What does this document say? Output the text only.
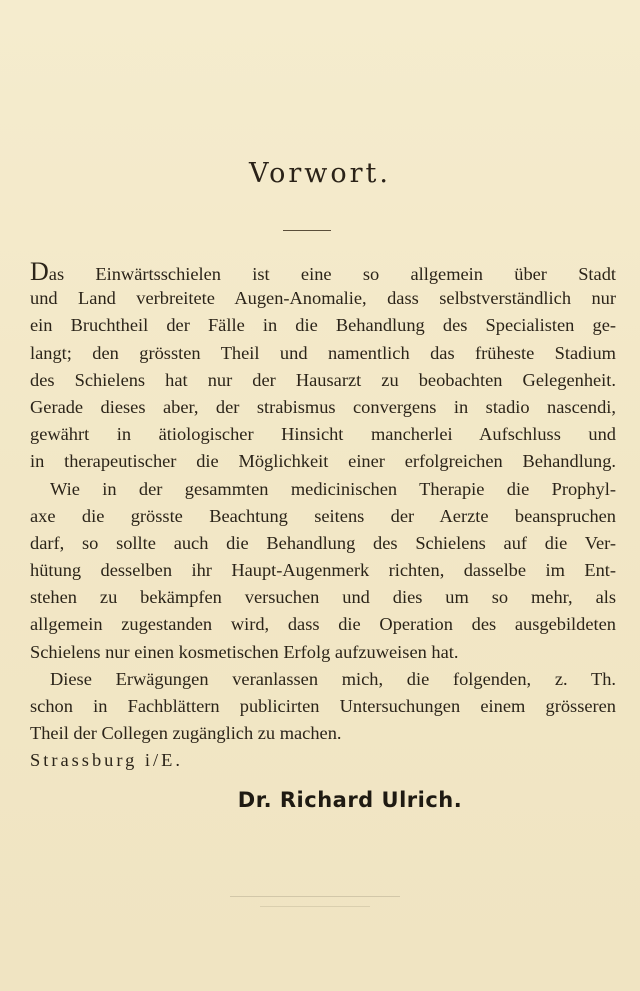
Vorwort.
Das Einwärtsschielen ist eine so allgemein über Stadt
und Land verbreitete Augen-Anomalie, dass selbstverständlich nur
ein Bruchtheil der Fälle in die Behandlung des Specialisten ge-
langt; den grössten Theil und namentlich das früheste Stadium
des Schielens hat nur der Hausarzt zu beobachten Gelegenheit.
Gerade dieses aber, der strabismus convergens in stadio nascendi,
gewährt in ätiologischer Hinsicht mancherlei Aufschluss und
in therapeutischer die Möglichkeit einer erfolgreichen Behandlung.
Wie in der gesammten medicinischen Therapie die Prophyl-
axe die grösste Beachtung seitens der Aerzte beanspruchen
darf, so sollte auch die Behandlung des Schielens auf die Ver-
hütung desselben ihr Haupt-Augenmerk richten, dasselbe im Ent-
stehen zu bekämpfen versuchen und dies um so mehr, als
allgemein zugestanden wird, dass die Operation des ausgebildeten
Schielens nur einen kosmetischen Erfolg aufzuweisen hat.
Diese Erwägungen veranlassen mich, die folgenden, z. Th.
schon in Fachblättern publicirten Untersuchungen einem grösseren
Theil der Collegen zugänglich zu machen.
Strassburg i/E.
Dr. Richard Ulrich.
